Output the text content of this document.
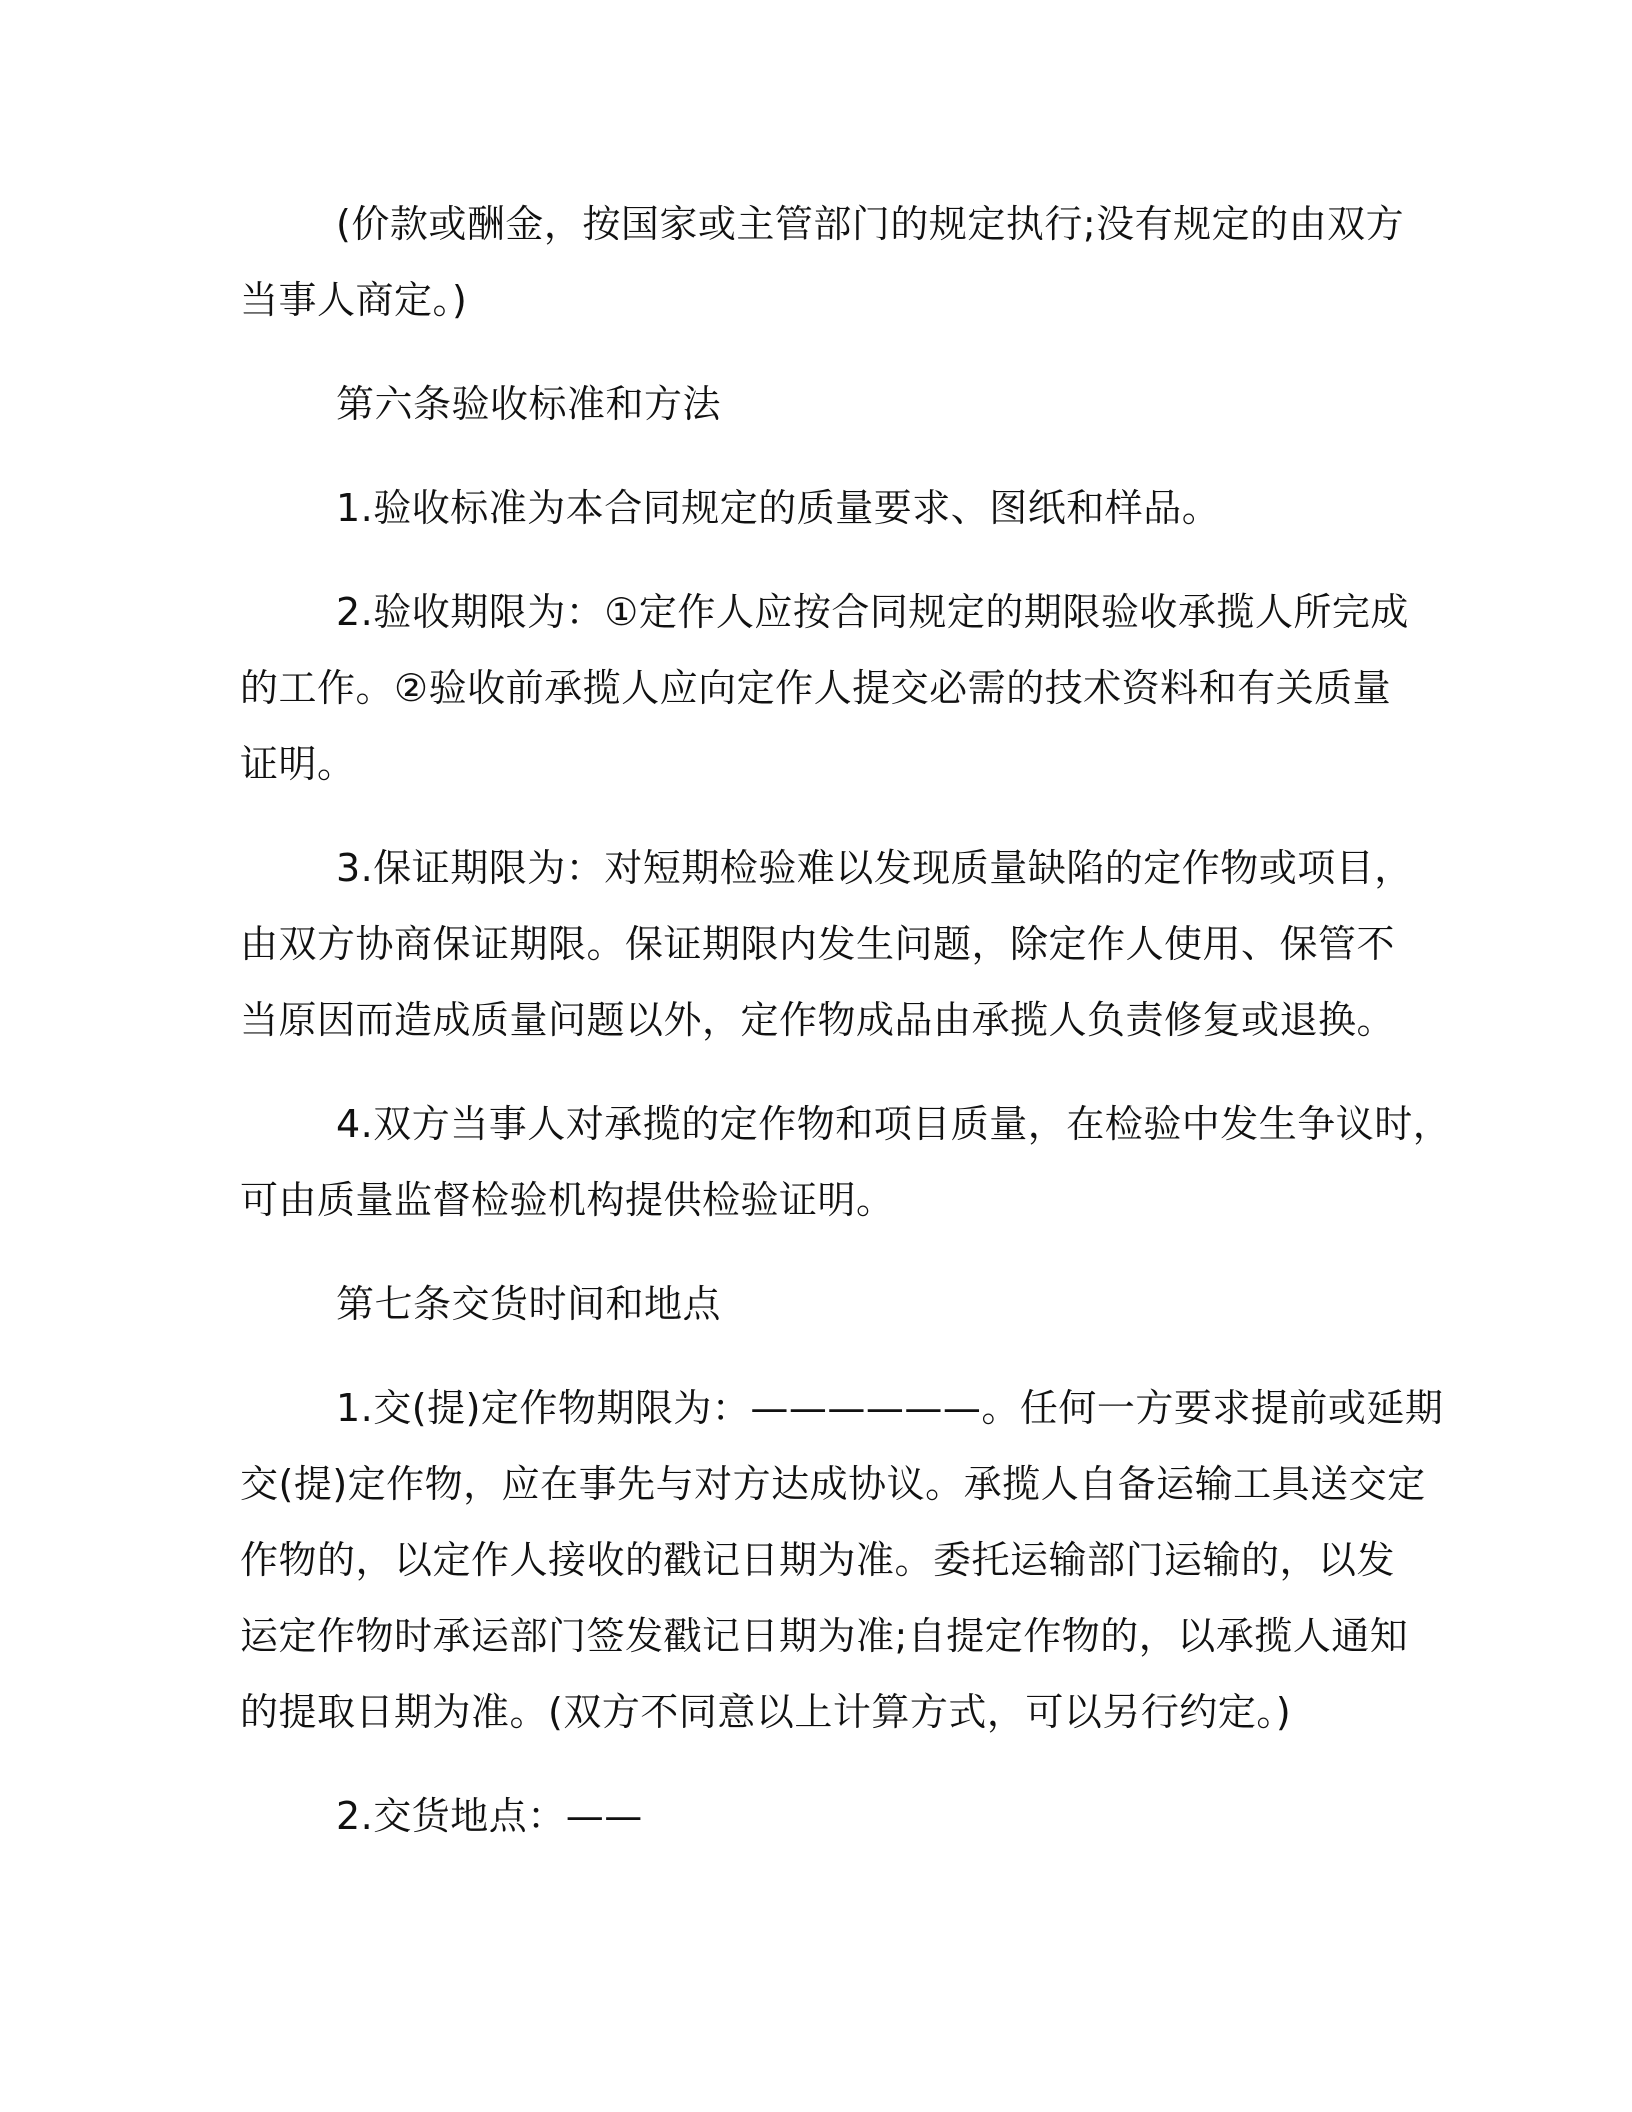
(价款或酬金，按国家或主管部门的规定执行;没有规定的由双方

当事人商定。)

第六条验收标准和方法

1.验收标准为本合同规定的质量要求、图纸和样品。

2.验收期限为：①定作人应按合同规定的期限验收承揽人所完成

的工作。②验收前承揽人应向定作人提交必需的技术资料和有关质量

证明。

3.保证期限为：对短期检验难以发现质量缺陷的定作物或项目，

由双方协商保证期限。保证期限内发生问题，除定作人使用、保管不

当原因而造成质量问题以外，定作物成品由承揽人负责修复或退换。

4.双方当事人对承揽的定作物和项目质量，在检验中发生争议时，

可由质量监督检验机构提供检验证明。

第七条交货时间和地点

1.交(提)定作物期限为：——————。任何一方要求提前或延期

交(提)定作物，应在事先与对方达成协议。承揽人自备运输工具送交定

作物的，以定作人接收的戳记日期为准。委托运输部门运输的，以发

运定作物时承运部门签发戳记日期为准;自提定作物的，以承揽人通知

的提取日期为准。(双方不同意以上计算方式，可以另行约定。)

2.交货地点：——
